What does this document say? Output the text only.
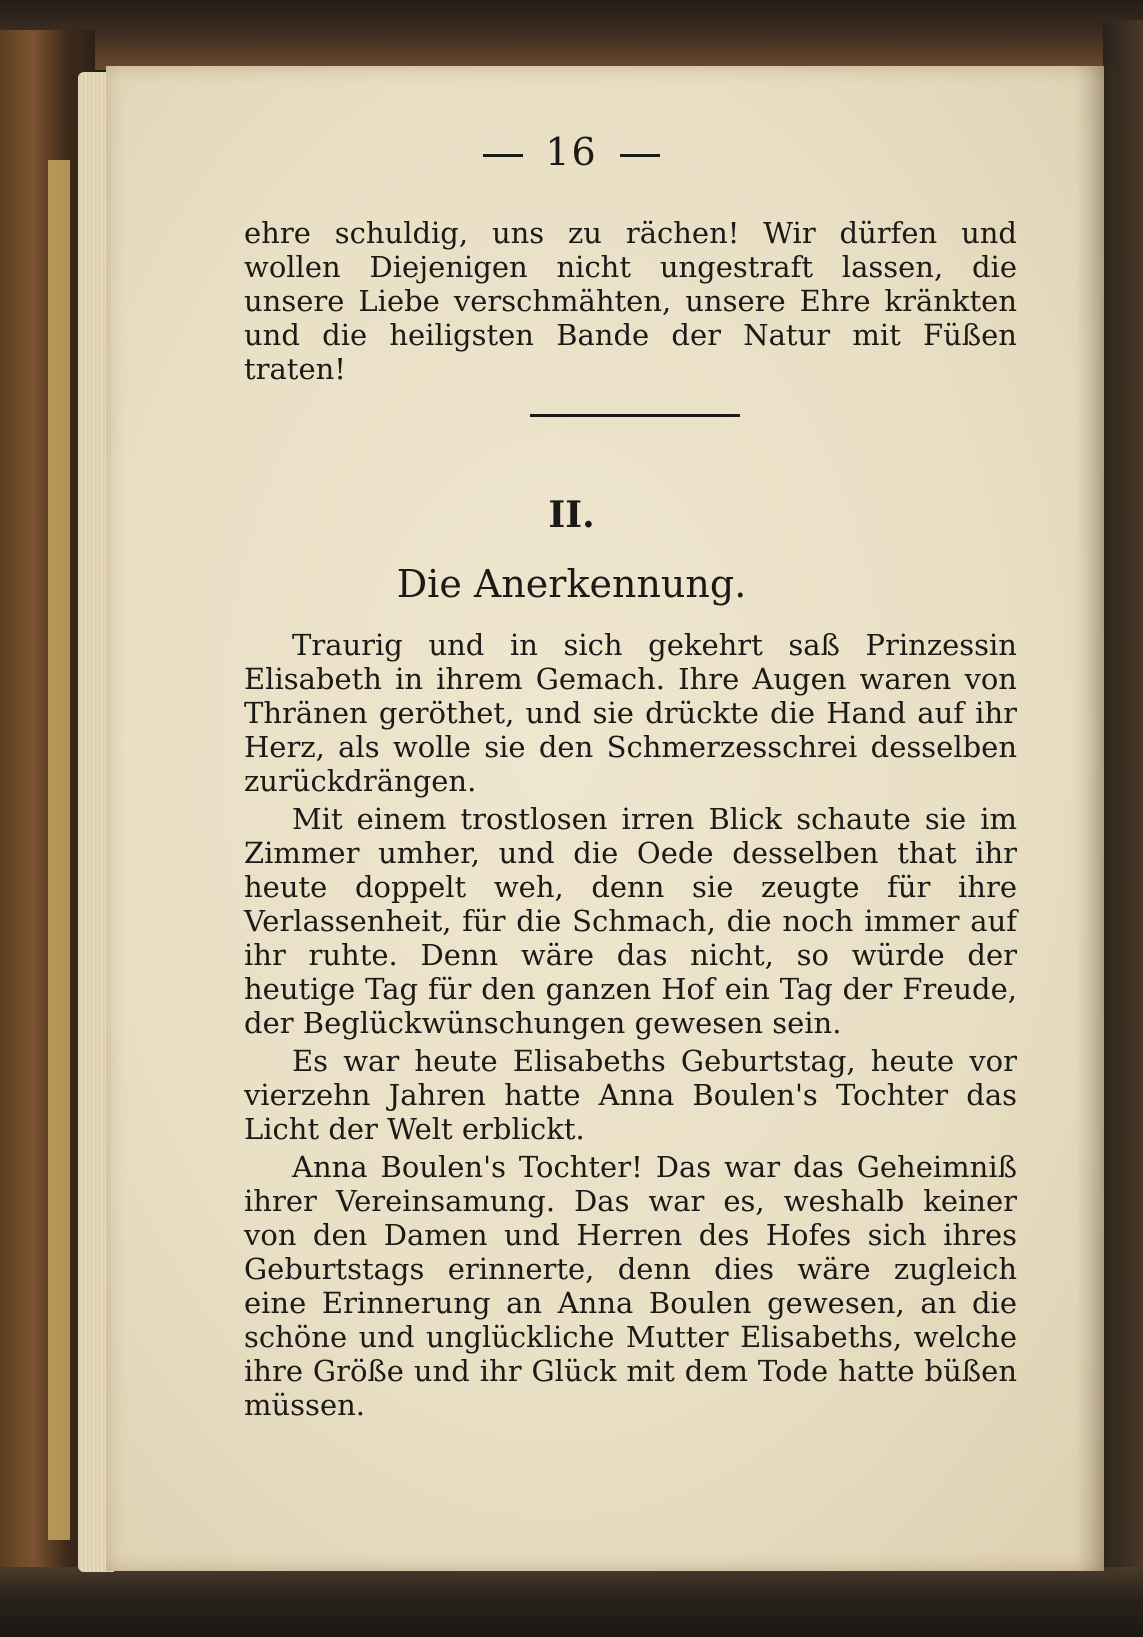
16

ehre schuldig, uns zu rächen! Wir dürfen und wollen Diejenigen nicht ungestraft lassen, die unsere Liebe verschmähten, unsere Ehre kränkten und die heiligsten Bande der Natur mit Füßen traten!

II.
Die Anerkennung.

Traurig und in sich gekehrt saß Prinzessin Elisabeth in ihrem Gemach. Ihre Augen waren von Thränen geröthet, und sie drückte die Hand auf ihr Herz, als wolle sie den Schmerzesschrei desselben zurückdrängen.

Mit einem trostlosen irren Blick schaute sie im Zimmer umher, und die Oede desselben that ihr heute doppelt weh, denn sie zeugte für ihre Verlassenheit, für die Schmach, die noch immer auf ihr ruhte. Denn wäre das nicht, so würde der heutige Tag für den ganzen Hof ein Tag der Freude, der Beglückwünschungen gewesen sein.

Es war heute Elisabeths Geburtstag, heute vor vierzehn Jahren hatte Anna Boulen's Tochter das Licht der Welt erblickt.

Anna Boulen's Tochter! Das war das Geheimniß ihrer Vereinsamung. Das war es, weshalb keiner von den Damen und Herren des Hofes sich ihres Geburtstags erinnerte, denn dies wäre zugleich eine Erinnerung an Anna Boulen gewesen, an die schöne und unglückliche Mutter Elisabeths, welche ihre Größe und ihr Glück mit dem Tode hatte büßen müssen.
